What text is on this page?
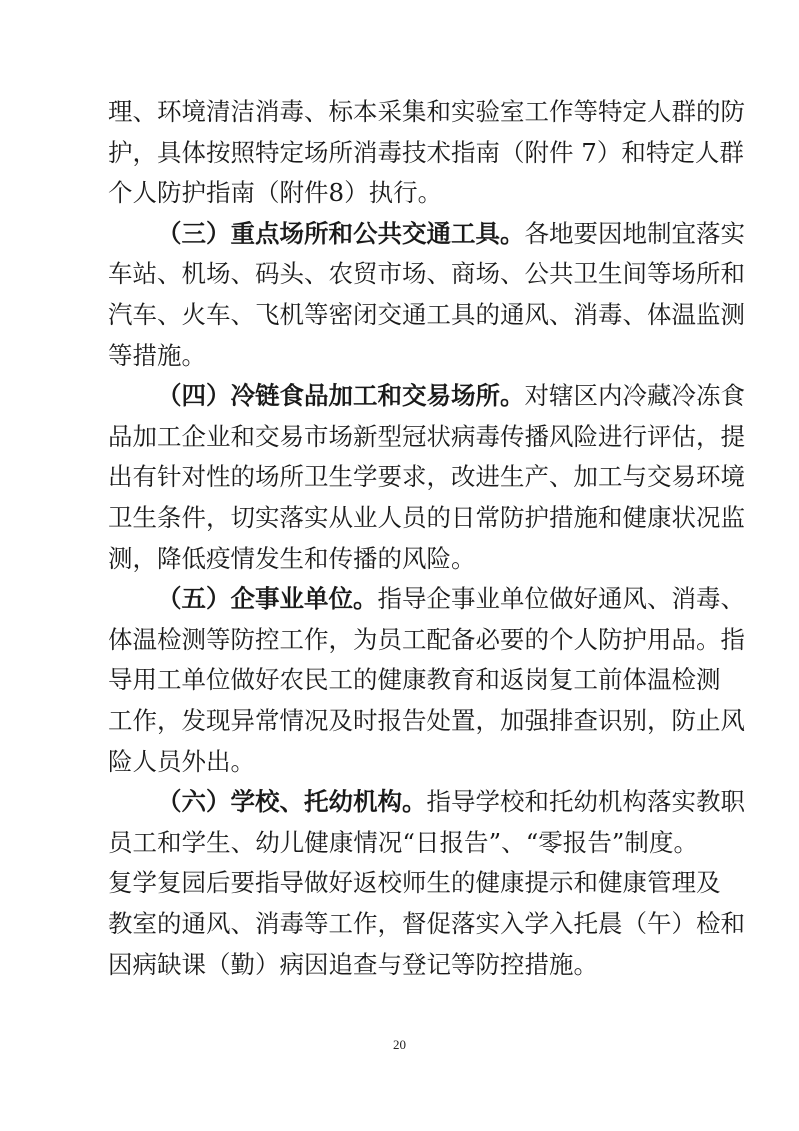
理、环境清洁消毒、标本采集和实验室工作等特定人群的防
护，具体按照特定场所消毒技术指南（附件 7）和特定人群
个人防护指南（附件8）执行。
（三）重点场所和公共交通工具。各地要因地制宜落实
车站、机场、码头、农贸市场、商场、公共卫生间等场所和
汽车、火车、飞机等密闭交通工具的通风、消毒、体温监测
等措施。
（四）冷链食品加工和交易场所。对辖区内冷藏冷冻食
品加工企业和交易市场新型冠状病毒传播风险进行评估，提
出有针对性的场所卫生学要求，改进生产、加工与交易环境
卫生条件，切实落实从业人员的日常防护措施和健康状况监
测，降低疫情发生和传播的风险。
（五）企事业单位。指导企事业单位做好通风、消毒、
体温检测等防控工作，为员工配备必要的个人防护用品。指
导用工单位做好农民工的健康教育和返岗复工前体温检测
工作，发现异常情况及时报告处置，加强排查识别，防止风
险人员外出。
（六）学校、托幼机构。指导学校和托幼机构落实教职
员工和学生、幼儿健康情况“日报告”、“零报告”制度。
复学复园后要指导做好返校师生的健康提示和健康管理及
教室的通风、消毒等工作，督促落实入学入托晨（午）检和
因病缺课（勤）病因追查与登记等防控措施。
20
